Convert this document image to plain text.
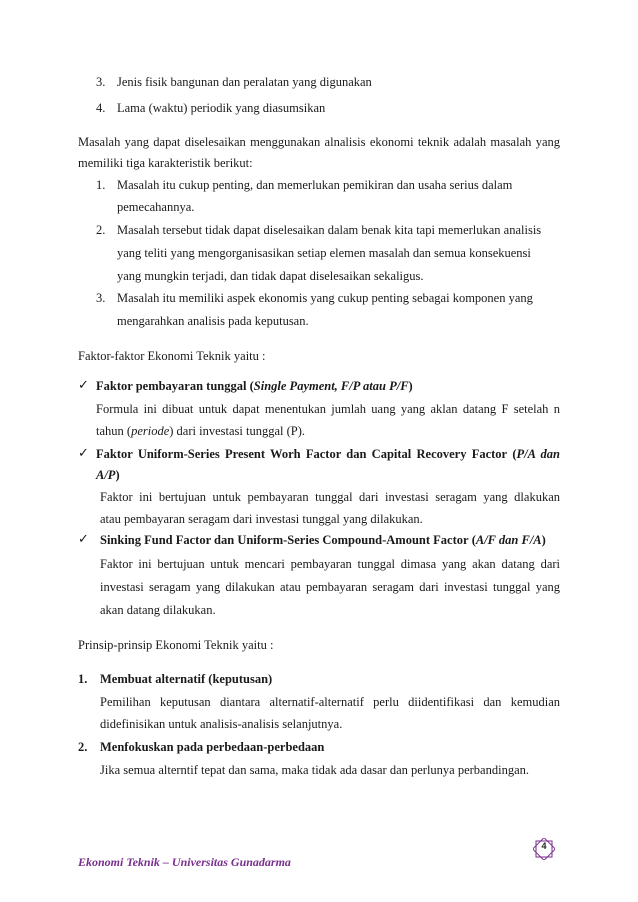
3. Jenis fisik bangunan dan peralatan yang digunakan
4. Lama (waktu) periodik yang diasumsikan
Masalah yang dapat diselesaikan menggunakan alnalisis ekonomi teknik adalah masalah yang
memiliki tiga karakteristik berikut:
1. Masalah itu cukup penting, dan memerlukan pemikiran dan usaha serius dalam
pemecahannya.
2. Masalah tersebut tidak dapat diselesaikan dalam benak kita tapi memerlukan analisis
yang teliti yang mengorganisasikan setiap elemen masalah dan semua konsekuensi
yang mungkin terjadi, dan tidak dapat diselesaikan sekaligus.
3. Masalah itu memiliki aspek ekonomis yang cukup penting sebagai komponen yang
mengarahkan analisis pada keputusan.
Faktor-faktor Ekonomi Teknik yaitu :
✓ Faktor pembayaran tunggal (Single Payment, F/P atau P/F)
Formula ini dibuat untuk dapat menentukan jumlah uang yang aklan datang F setelah n
tahun (periode) dari investasi tunggal (P).
✓ Faktor Uniform-Series Present Worh Factor dan Capital Recovery Factor (P/A dan
A/P)
Faktor ini bertujuan untuk pembayaran tunggal dari investasi seragam yang dlakukan
atau pembayaran seragam dari investasi tunggal yang dilakukan.
✓ Sinking Fund Factor dan Uniform-Series Compound-Amount Factor (A/F dan F/A)
Faktor ini bertujuan untuk mencari pembayaran tunggal dimasa yang akan datang dari
investasi seragam yang dilakukan atau pembayaran seragam dari investasi tunggal yang
akan datang dilakukan.
Prinsip-prinsip Ekonomi Teknik yaitu :
1. Membuat alternatif (keputusan)
Pemilihan keputusan diantara alternatif-alternatif perlu diidentifikasi dan kemudian
didefinisikan untuk analisis-analisis selanjutnya.
2. Menfokuskan pada perbedaan-perbedaan
Jika semua alterntif tepat dan sama, maka tidak ada dasar dan perlunya perbandingan.
Ekonomi Teknik – Universitas Gunadarma
4
